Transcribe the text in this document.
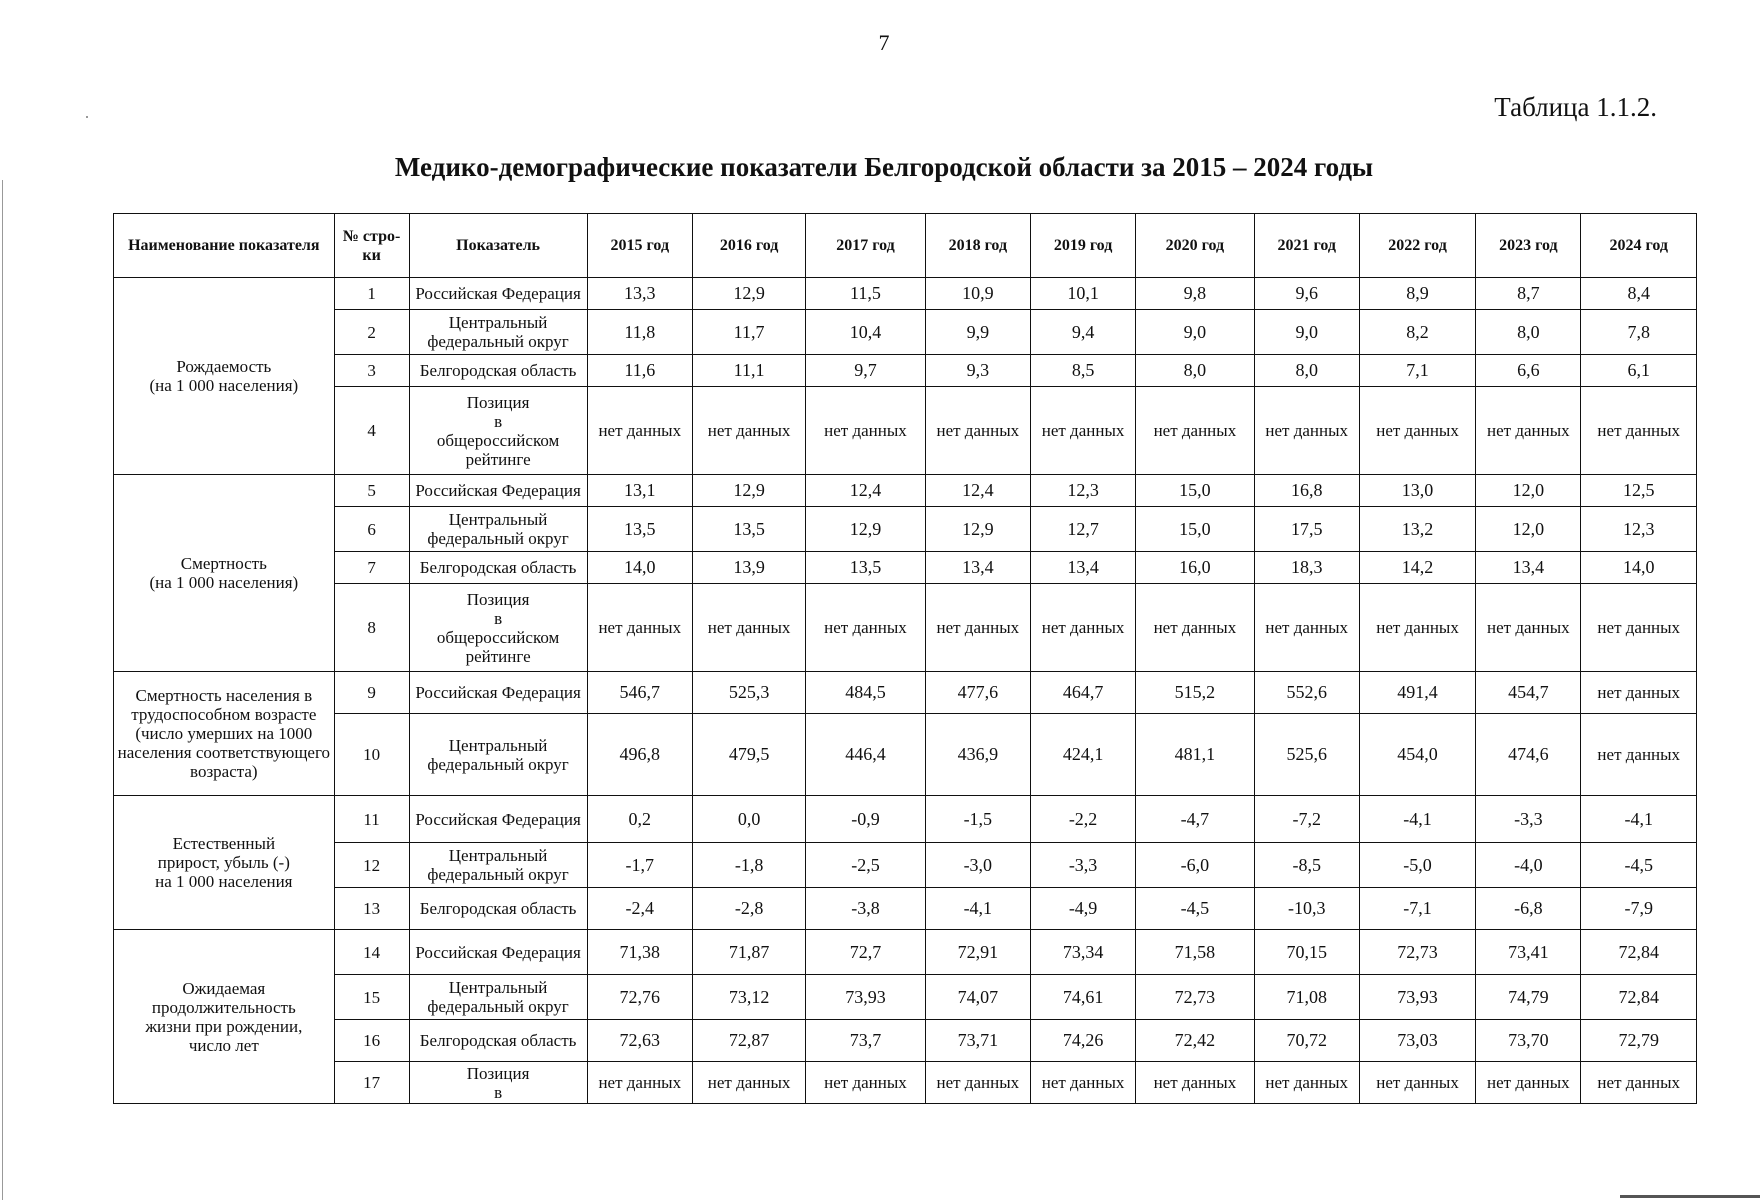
7
Таблица 1.1.2.
Медико-демографические показатели Белгородской области за 2015 – 2024 годы
Наименование показателя	№ стро-ки	Показатель	2015 год	2016 год	2017 год	2018 год	2019 год	2020 год	2021 год	2022 год	2023 год	2024 год
Рождаемость
(на 1 000 населения)	1	Российская Федерация	13,3	12,9	11,5	10,9	10,1	9,8	9,6	8,9	8,7	8,4
	2	Центральный федеральный округ	11,8	11,7	10,4	9,9	9,4	9,0	9,0	8,2	8,0	7,8
	3	Белгородская область	11,6	11,1	9,7	9,3	8,5	8,0	8,0	7,1	6,6	6,1
	4	Позиция
в
общероссийском
рейтинге	нет данных	нет данных	нет данных	нет данных	нет данных	нет данных	нет данных	нет данных	нет данных	нет данных
Смертность
(на 1 000 населения)	5	Российская Федерация	13,1	12,9	12,4	12,4	12,3	15,0	16,8	13,0	12,0	12,5
	6	Центральный федеральный округ	13,5	13,5	12,9	12,9	12,7	15,0	17,5	13,2	12,0	12,3
	7	Белгородская область	14,0	13,9	13,5	13,4	13,4	16,0	18,3	14,2	13,4	14,0
	8	Позиция
в
общероссийском
рейтинге	нет данных	нет данных	нет данных	нет данных	нет данных	нет данных	нет данных	нет данных	нет данных	нет данных
Смертность населения в трудоспособном возрасте (число умерших на 1000 населения соответствующего возраста)	9	Российская Федерация	546,7	525,3	484,5	477,6	464,7	515,2	552,6	491,4	454,7	нет данных
	10	Центральный федеральный округ	496,8	479,5	446,4	436,9	424,1	481,1	525,6	454,0	474,6	нет данных
Естественный
прирост, убыль (-)
на 1 000 населения	11	Российская Федерация	0,2	0,0	-0,9	-1,5	-2,2	-4,7	-7,2	-4,1	-3,3	-4,1
	12	Центральный федеральный округ	-1,7	-1,8	-2,5	-3,0	-3,3	-6,0	-8,5	-5,0	-4,0	-4,5
	13	Белгородская область	-2,4	-2,8	-3,8	-4,1	-4,9	-4,5	-10,3	-7,1	-6,8	-7,9
Ожидаемая
продолжительность
жизни при рождении,
число лет	14	Российская Федерация	71,38	71,87	72,7	72,91	73,34	71,58	70,15	72,73	73,41	72,84
	15	Центральный федеральный округ	72,76	73,12	73,93	74,07	74,61	72,73	71,08	73,93	74,79	72,84
	16	Белгородская область	72,63	72,87	73,7	73,71	74,26	72,42	70,72	73,03	73,70	72,79
	17	Позиция
в	нет данных	нет данных	нет данных	нет данных	нет данных	нет данных	нет данных	нет данных	нет данных	нет данных
